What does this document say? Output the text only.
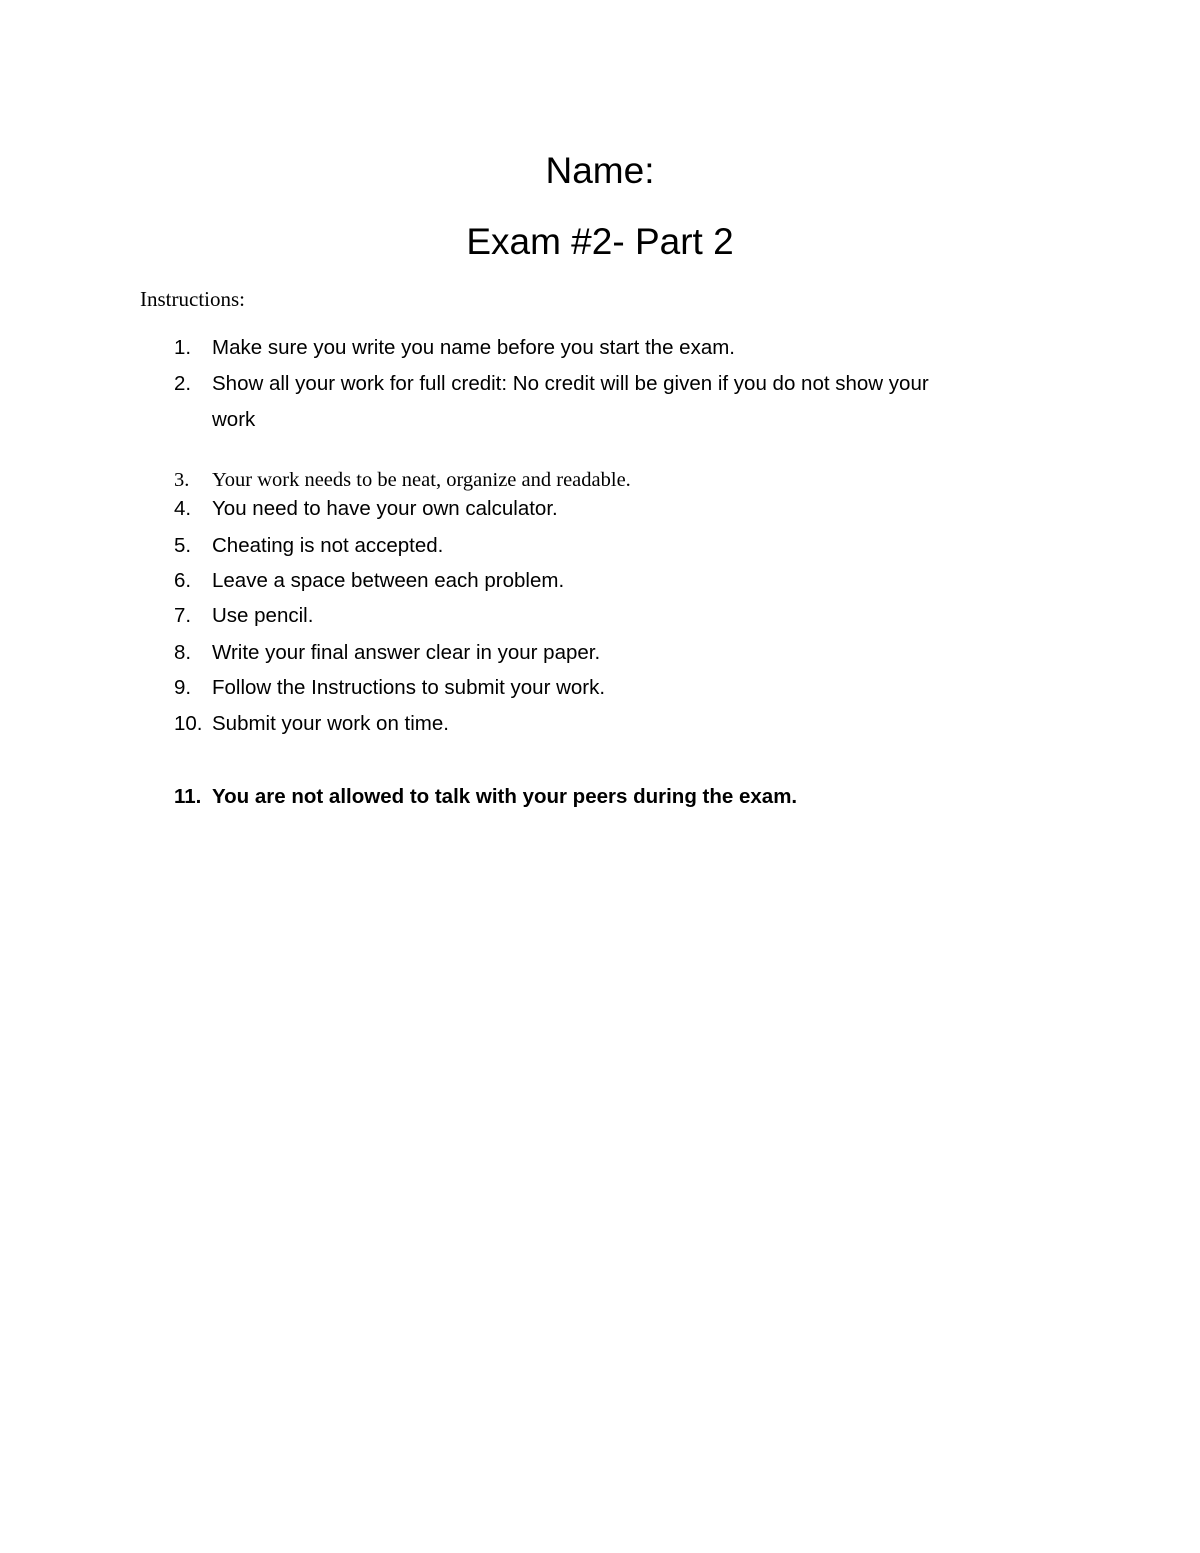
Name:
Exam #2- Part 2
Instructions:
1. Make sure you write you name before you start the exam.
2. Show all your work for full credit: No credit will be given if you do not show your
work
3. Your work needs to be neat, organize and readable.
4. You need to have your own calculator.
5. Cheating is not accepted.
6. Leave a space between each problem.
7. Use pencil.
8. Write your final answer clear in your paper.
9. Follow the Instructions to submit your work.
10. Submit your work on time.
11. You are not allowed to talk with your peers during the exam.
